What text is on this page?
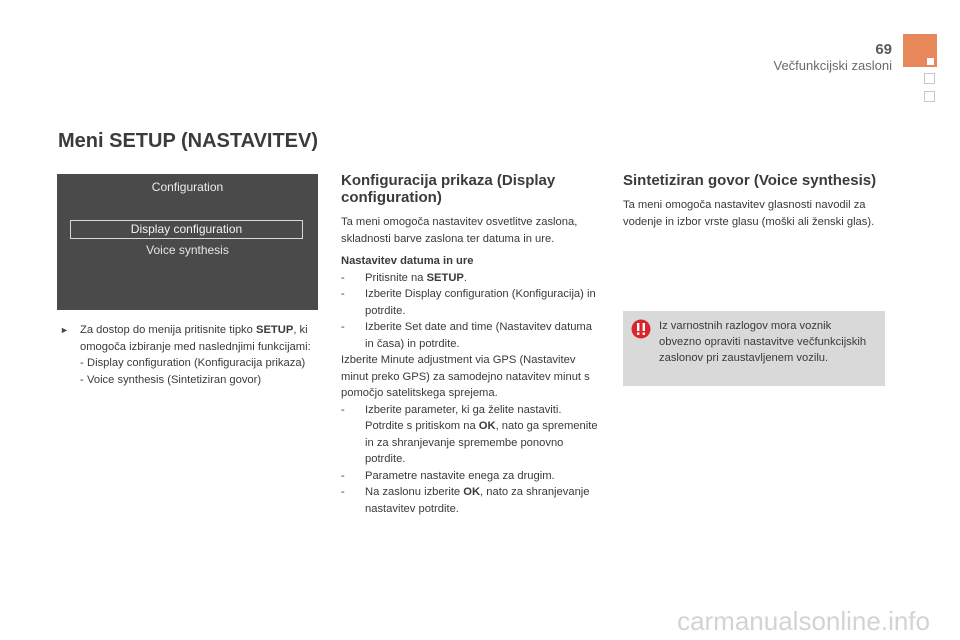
69
Večfunkcijski zasloni
Meni SETUP (NASTAVITEV)
Configuration
Display configuration
Voice synthesis
► Za dostop do menija pritisnite tipko SETUP, ki omogoča izbiranje med naslednjimi funkcijami:
- Display configuration (Konfiguracija prikaza)
- Voice synthesis (Sintetiziran govor)
Konfiguracija prikaza (Display configuration)

Ta meni omogoča nastavitev osvetlitve zaslona, skladnosti barve zaslona ter datuma in ure.

Nastavitev datuma in ure
- Pritisnite na SETUP.
- Izberite Display configuration (Konfiguracija) in potrdite.
- Izberite Set date and time (Nastavitev datuma in časa) in potrdite.
Izberite Minute adjustment via GPS (Nastavitev minut preko GPS) za samodejno natavitev minut s pomočjo satelitskega sprejema.
- Izberite parameter, ki ga želite nastaviti. Potrdite s pritiskom na OK, nato ga spremenite in za shranjevanje spremembe ponovno potrdite.
- Parametre nastavite enega za drugim.
- Na zaslonu izberite OK, nato za shranjevanje nastavitev potrdite.
Sintetiziran govor (Voice synthesis)

Ta meni omogoča nastavitev glasnosti navodil za vodenje in izbor vrste glasu (moški ali ženski glas).

Iz varnostnih razlogov mora voznik obvezno opraviti nastavitve večfunkcijskih zaslonov pri zaustavljenem vozilu.
carmanualsonline.info
